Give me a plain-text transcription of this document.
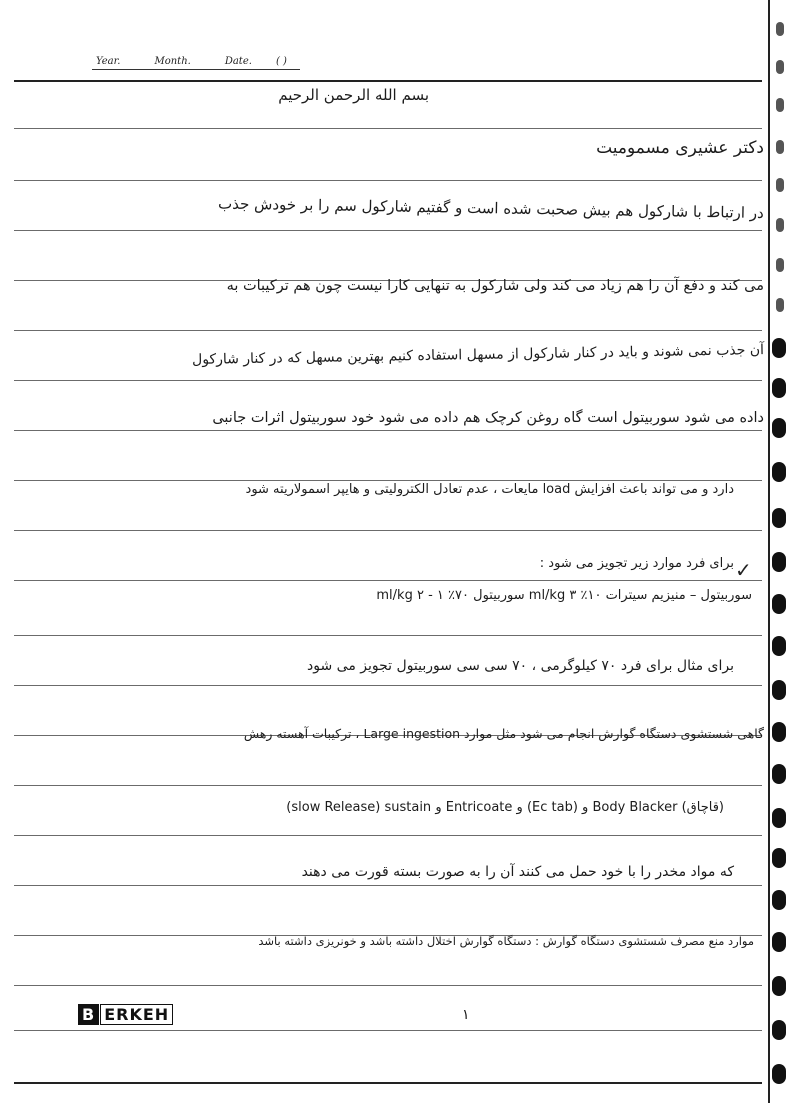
Year.	Month.	Date. ( )
بسم الله الرحمن الرحیم
دکتر عشیری مسمومیت
در ارتباط با شارکول هم بیش صحبت شده است و گفتیم شارکول سم را بر خودش جذب
می کند و دفع آن را هم زیاد می کند ولی شارکول به تنهایی کارا نیست چون هم ترکیبات به
آن جذب نمی شوند و باید در کنار شارکول از مسهل استفاده کنیم بهترین مسهل که در کنار شارکول
داده می شود سوربیتول است گاه روغن کرچک هم داده می شود خود سوربیتول اثرات جانبی
دارد و می تواند باعث افزایش load مایعات ، عدم تعادل الکترولیتی و هایپر اسمولاریته شود
برای فرد موارد زیر تجویز می شود :
سوربیتول – منیزیم سیترات ۱۰٪ ۳ ml/kg سوربیتول ۷۰٪ ۱ - ۲ ml/kg
برای مثال برای فرد ۷۰ کیلوگرمی ، ۷۰ سی سی سوربیتول تجویز می شود
گاهی شستشوی دستگاه گوارش انجام می شود مثل موارد Large ingestion ، ترکیبات آهسته رهش
(slow Release) sustain و Entricoate و (Ec tab) و Body Blacker (قاچاق)
که مواد مخدر را با خود حمل می کنند آن را به صورت بسته قورت می دهند
موارد منع مصرف شستشوی دستگاه گوارش : دستگاه گوارش اختلال داشته باشد و خونریزی داشته باشد
✓
B ERKEH	۱
